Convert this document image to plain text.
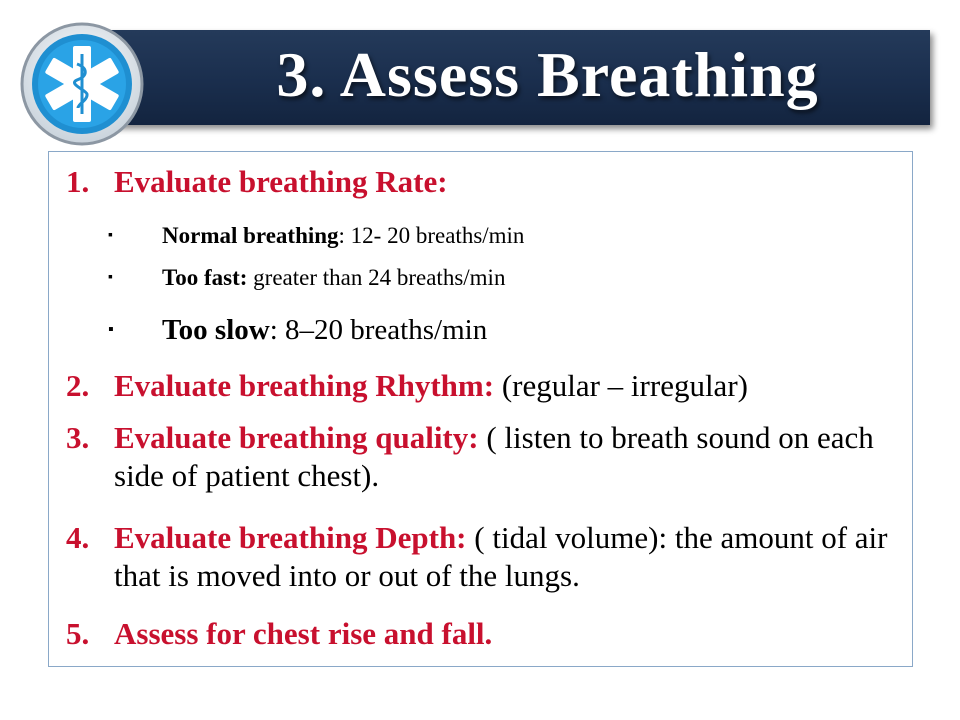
3. Assess Breathing
1. Evaluate breathing Rate:
▪ Normal breathing: 12- 20 breaths/min
▪ Too fast: greater than 24 breaths/min
▪ Too slow: 8–20 breaths/min
2. Evaluate breathing Rhythm: (regular – irregular)
3. Evaluate breathing quality: ( listen to breath sound on each side of patient chest).
4. Evaluate breathing Depth: ( tidal volume): the amount of air that is moved into or out of the lungs.
5. Assess for chest rise and fall.
